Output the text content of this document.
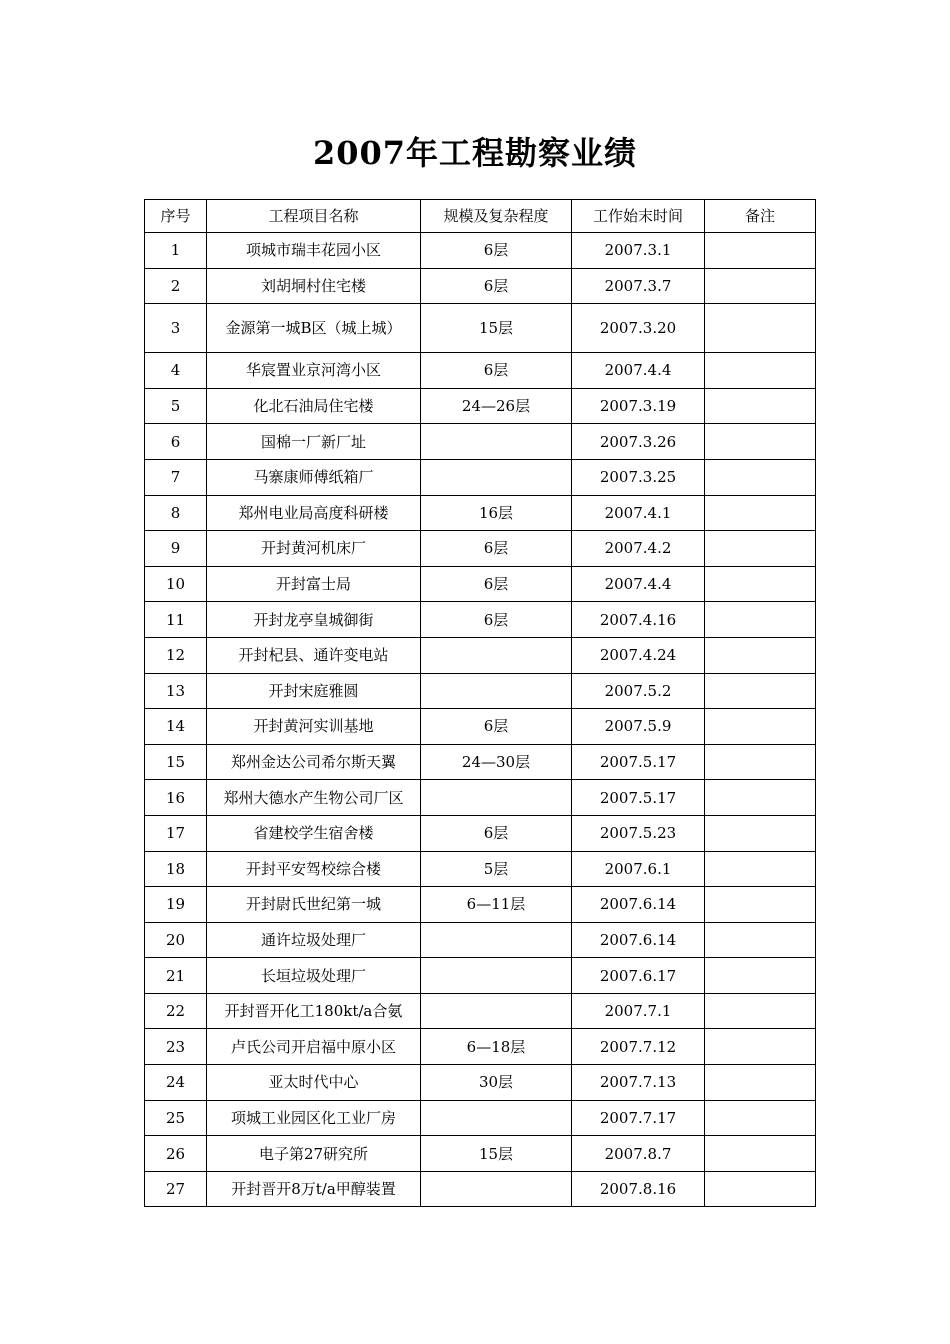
2007年工程勘察业绩
序号	工程项目名称	规模及复杂程度	工作始末时间	备注
1	项城市瑞丰花园小区	6层	2007.3.1	
2	刘胡垌村住宅楼	6层	2007.3.7	
3	金源第一城B区（城上城）	15层	2007.3.20	
4	华宸置业京河湾小区	6层	2007.4.4	
5	化北石油局住宅楼	24—26层	2007.3.19	
6	国棉一厂新厂址		2007.3.26	
7	马寨康师傅纸箱厂		2007.3.25	
8	郑州电业局高度科研楼	16层	2007.4.1	
9	开封黄河机床厂	6层	2007.4.2	
10	开封富士局	6层	2007.4.4	
11	开封龙亭皇城御街	6层	2007.4.16	
12	开封杞县、通许变电站		2007.4.24	
13	开封宋庭雅圆		2007.5.2	
14	开封黄河实训基地	6层	2007.5.9	
15	郑州金达公司希尔斯天翼	24—30层	2007.5.17	
16	郑州大德水产生物公司厂区		2007.5.17	
17	省建校学生宿舍楼	6层	2007.5.23	
18	开封平安驾校综合楼	5层	2007.6.1	
19	开封尉氏世纪第一城	6—11层	2007.6.14	
20	通许垃圾处理厂		2007.6.14	
21	长垣垃圾处理厂		2007.6.17	
22	开封晋开化工180kt/a合氨		2007.7.1	
23	卢氏公司开启福中原小区	6—18层	2007.7.12	
24	亚太时代中心	30层	2007.7.13	
25	项城工业园区化工业厂房		2007.7.17	
26	电子第27研究所	15层	2007.8.7	
27	开封晋开8万t/a甲醇装置		2007.8.16	
